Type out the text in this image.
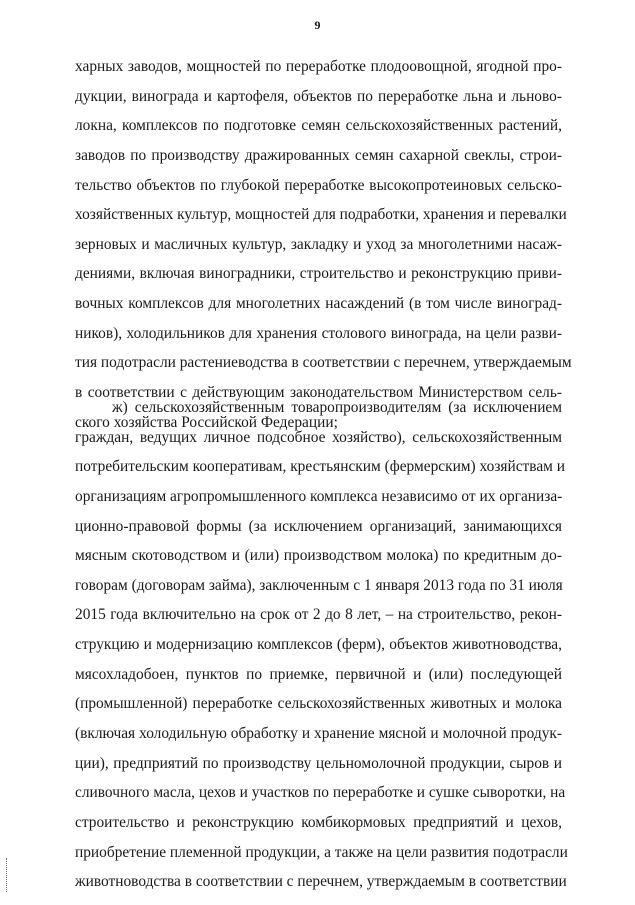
9
харных заводов, мощностей по переработке плодоовощной, ягодной про-
дукции, винограда и картофеля, объектов по переработке льна и льново-
локна, комплексов по подготовке семян сельскохозяйственных растений,
заводов по производству дражированных семян сахарной свеклы, строи-
тельство объектов по глубокой переработке высокопротеиновых сельско-
хозяйственных культур, мощностей для подработки, хранения и перевалки
зерновых и масличных культур, закладку и уход за многолетними насаж-
дениями, включая виноградники, строительство и реконструкцию приви-
вочных комплексов для многолетних насаждений (в том числе виноград-
ников), холодильников для хранения столового винограда, на цели разви-
тия подотрасли растениеводства в соответствии с перечнем, утверждаемым
в соответствии с действующим законодательством Министерством сель-
ского хозяйства Российской Федерации;
ж) сельскохозяйственным товаропроизводителям (за исключением
граждан, ведущих личное подсобное хозяйство), сельскохозяйственным
потребительским кооперативам, крестьянским (фермерским) хозяйствам и
организациям агропромышленного комплекса независимо от их организа-
ционно-правовой формы (за исключением организаций, занимающихся
мясным скотоводством и (или) производством молока) по кредитным до-
говорам (договорам займа), заключенным с 1 января 2013 года по 31 июля
2015 года включительно на срок от 2 до 8 лет, – на строительство, рекон-
струкцию и модернизацию комплексов (ферм), объектов животноводства,
мясохладобоен, пунктов по приемке, первичной и (или) последующей
(промышленной) переработке сельскохозяйственных животных и молока
(включая холодильную обработку и хранение мясной и молочной продук-
ции), предприятий по производству цельномолочной продукции, сыров и
сливочного масла, цехов и участков по переработке и сушке сыворотки, на
строительство и реконструкцию комбикормовых предприятий и цехов,
приобретение племенной продукции, а также на цели развития подотрасли
животноводства в соответствии с перечнем, утверждаемым в соответствии
